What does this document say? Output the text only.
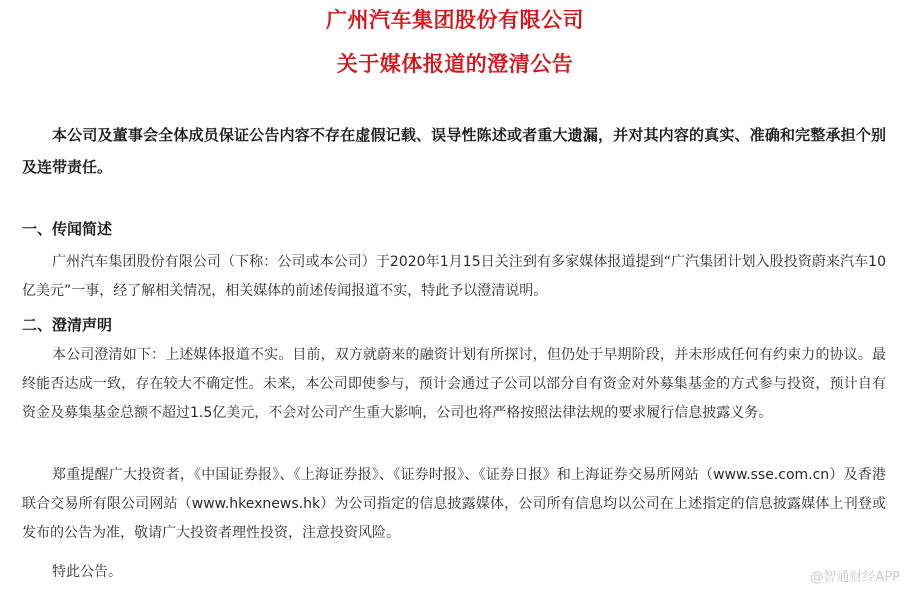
广州汽车集团股份有限公司
关于媒体报道的澄清公告
本公司及董事会全体成员保证公告内容不存在虚假记载、误导性陈述或者重大遗漏，并对其内容的真实、准确和完整承担个别及连带责任。
一、传闻简述
广州汽车集团股份有限公司（下称：公司或本公司）于2020年1月15日关注到有多家媒体报道提到“广汽集团计划入股投资蔚来汽车10亿美元”一事，经了解相关情况，相关媒体的前述传闻报道不实，特此予以澄清说明。
二、澄清声明
本公司澄清如下：上述媒体报道不实。目前，双方就蔚来的融资计划有所探讨，但仍处于早期阶段，并未形成任何有约束力的协议。最终能否达成一致，存在较大不确定性。未来，本公司即使参与，预计会通过子公司以部分自有资金对外募集基金的方式参与投资，预计自有资金及募集基金总额不超过1.5亿美元，不会对公司产生重大影响，公司也将严格按照法律法规的要求履行信息披露义务。
郑重提醒广大投资者，《中国证券报》、《上海证券报》、《证券时报》、《证券日报》和上海证券交易所网站（www.sse.com.cn）及香港联合交易所有限公司网站（www.hkexnews.hk）为公司指定的信息披露媒体，公司所有信息均以公司在上述指定的信息披露媒体上刊登或发布的公告为准，敬请广大投资者理性投资，注意投资风险。
特此公告。	@智通财经APP
